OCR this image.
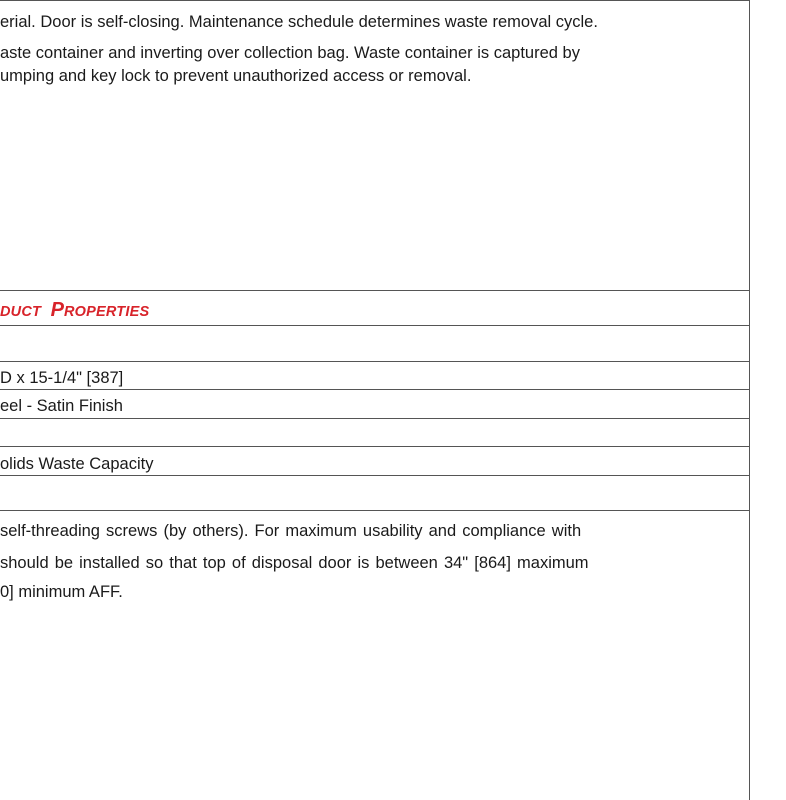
erial. Door is self-closing. Maintenance schedule determines waste removal cycle.
aste container and inverting over collection bag. Waste container is captured by
umping and key lock to prevent unauthorized access or removal.
DUCT PROPERTIES
D x 15-1/4" [387]
eel - Satin Finish
olids Waste Capacity
self-threading screws (by others). For maximum usability and compliance with
should be installed so that top of disposal door is between 34" [864] maximum
0] minimum AFF.
